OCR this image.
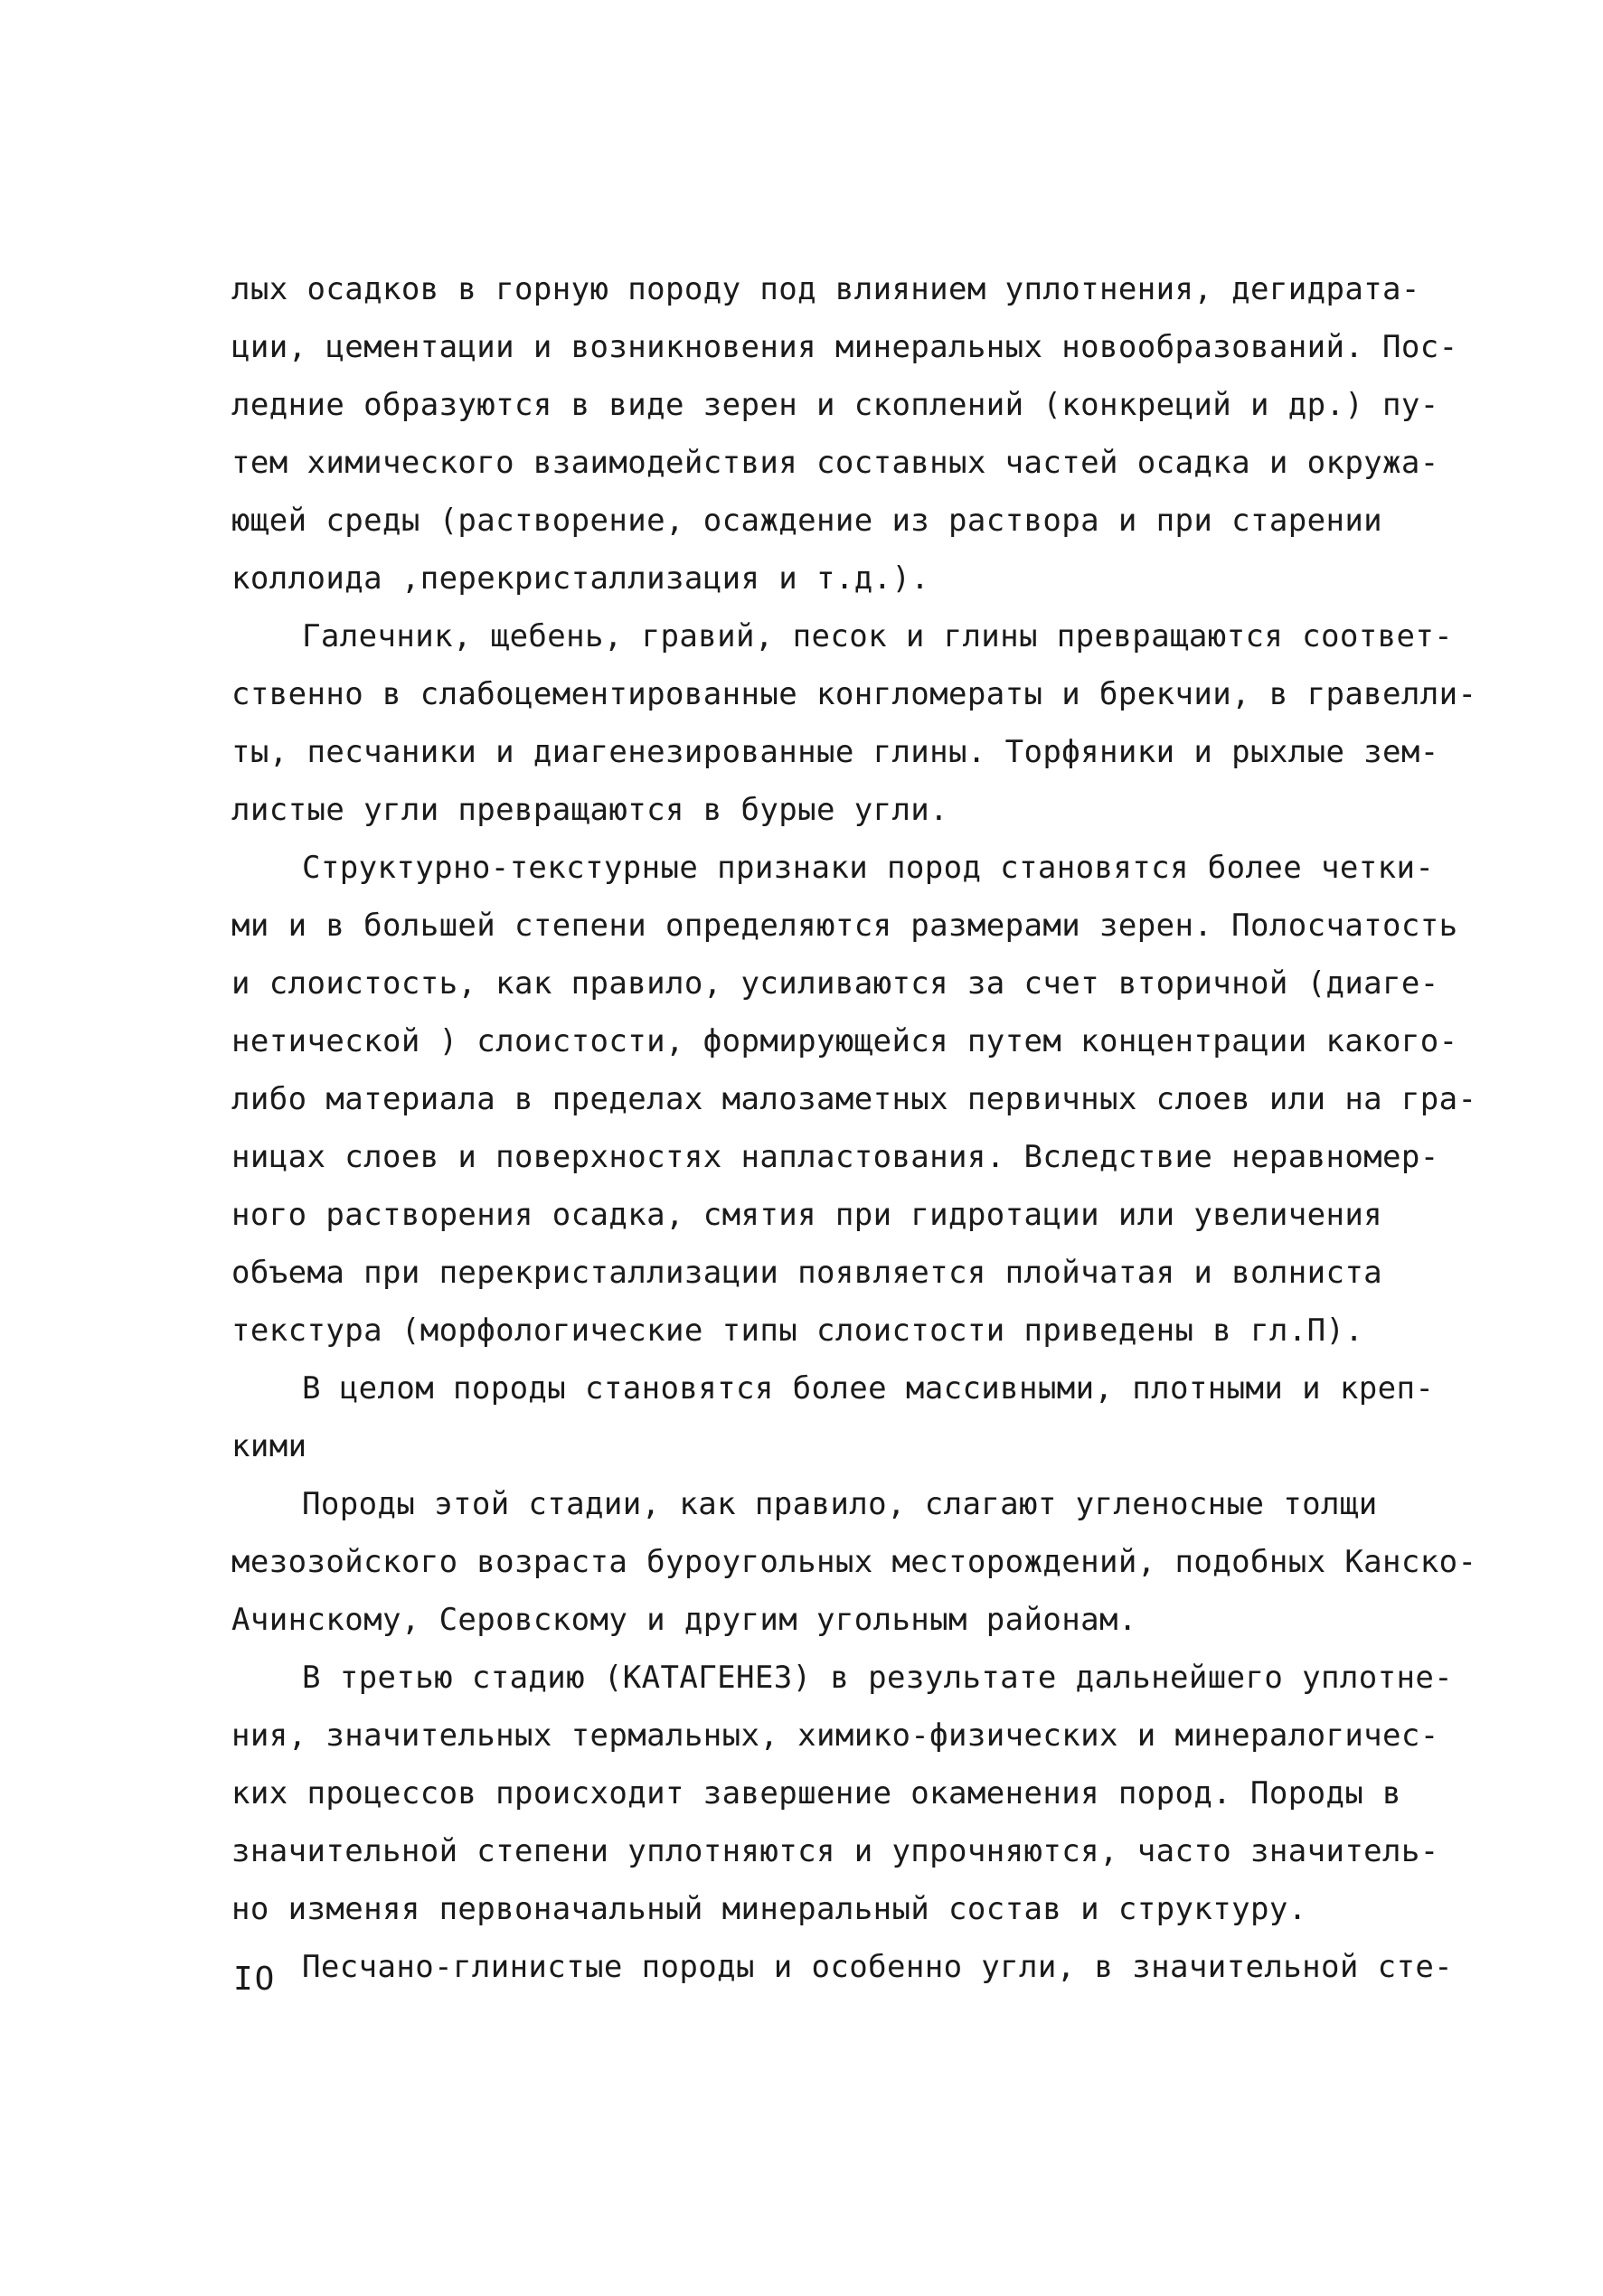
лых осадков в горную породу под влиянием уплотнения, дегидрата-
ции, цементации и возникновения минеральных новообразований. Пос-
ледние образуются в виде зерен и скоплений (конкреций и др.) пу-
тем химического взаимодействия составных частей осадка и окружа-
ющей среды (растворение, осаждение из раствора и при старении
коллоида ,перекристаллизация и т.д.).
Галечник, щебень, гравий, песок и глины превращаются соответ-
ственно в слабоцементированные конгломераты и брекчии, в гравелли-
ты, песчаники и диагенезированные глины. Торфяники и рыхлые зем-
листые угли превращаются в бурые угли.
Структурно-текстурные признаки пород становятся более четки-
ми и в большей степени определяются размерами зерен. Полосчатость
и слоистость, как правило, усиливаются за счет вторичной (диаге-
нетической ) слоистости, формирующейся путем концентрации какого-
либо материала в пределах малозаметных первичных слоев или на гра-
ницах слоев и поверхностях напластования. Вследствие неравномер-
ного растворения осадка, смятия при гидротации или увеличения
объема при перекристаллизации появляется плойчатая и волниста
текстура (морфологические типы слоистости приведены в гл.П).
В целом породы становятся более массивными, плотными и креп-
кими
Породы этой стадии, как правило, слагают угленосные толщи
мезозойского возраста буроугольных месторождений, подобных Канско-
Ачинскому, Серовскому и другим угольным районам.
В третью стадию (КАТАГЕНЕЗ) в результате дальнейшего уплотне-
ния, значительных термальных, химико-физических и минералогичес-
ких процессов происходит завершение окаменения пород. Породы в
значительной степени уплотняются и упрочняются, часто значитель-
но изменяя первоначальный минеральный состав и структуру.
Песчано-глинистые породы и особенно угли, в значительной сте-
IO
